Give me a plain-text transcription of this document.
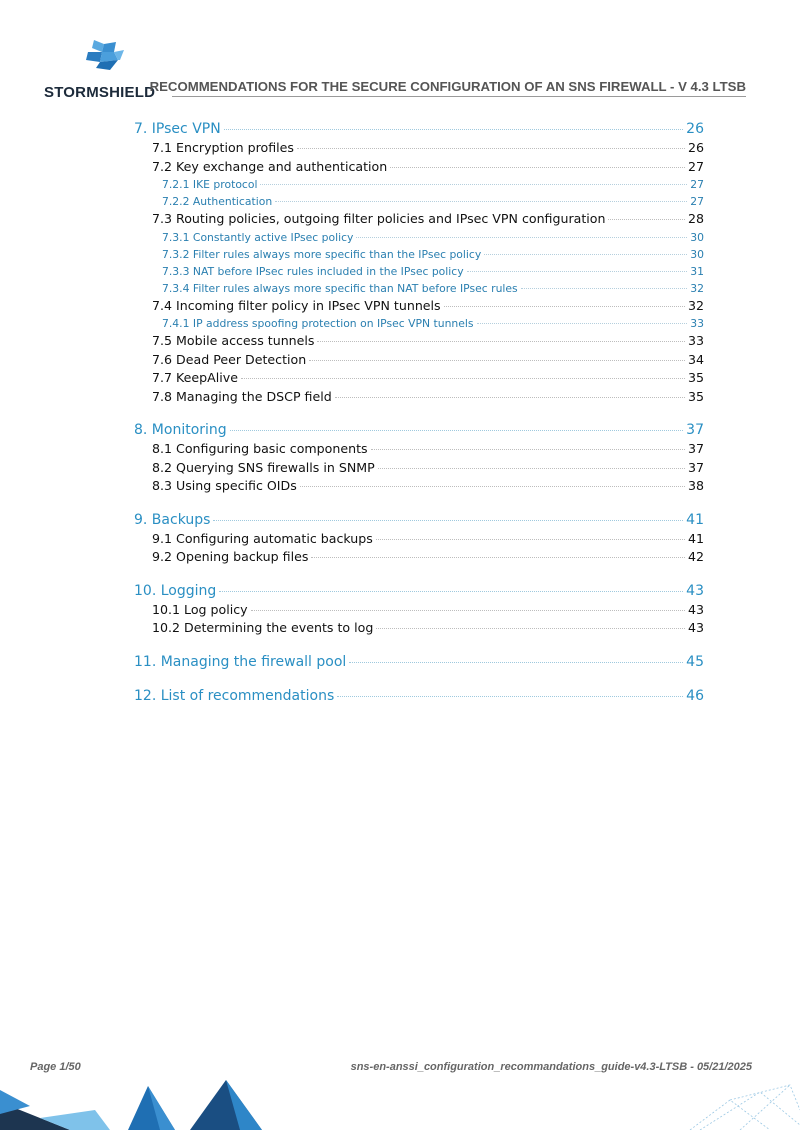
STORMSHIELD
RECOMMENDATIONS FOR THE SECURE CONFIGURATION OF AN SNS FIREWALL - V 4.3 LTSB
7. IPsec VPN	26
7.1 Encryption profiles	26
7.2 Key exchange and authentication	27
7.2.1 IKE protocol	27
7.2.2 Authentication	27
7.3 Routing policies, outgoing filter policies and IPsec VPN configuration	28
7.3.1 Constantly active IPsec policy	30
7.3.2 Filter rules always more specific than the IPsec policy	30
7.3.3 NAT before IPsec rules included in the IPsec policy	31
7.3.4 Filter rules always more specific than NAT before IPsec rules	32
7.4 Incoming filter policy in IPsec VPN tunnels	32
7.4.1 IP address spoofing protection on IPsec VPN tunnels	33
7.5 Mobile access tunnels	33
7.6 Dead Peer Detection	34
7.7 KeepAlive	35
7.8 Managing the DSCP field	35
8. Monitoring	37
8.1 Configuring basic components	37
8.2 Querying SNS firewalls in SNMP	37
8.3 Using specific OIDs	38
9. Backups	41
9.1 Configuring automatic backups	41
9.2 Opening backup files	42
10. Logging	43
10.1 Log policy	43
10.2 Determining the events to log	43
11. Managing the firewall pool	45
12. List of recommendations	46
Page 1/50	sns-en-anssi_configuration_recommandations_guide-v4.3-LTSB - 05/21/2025
